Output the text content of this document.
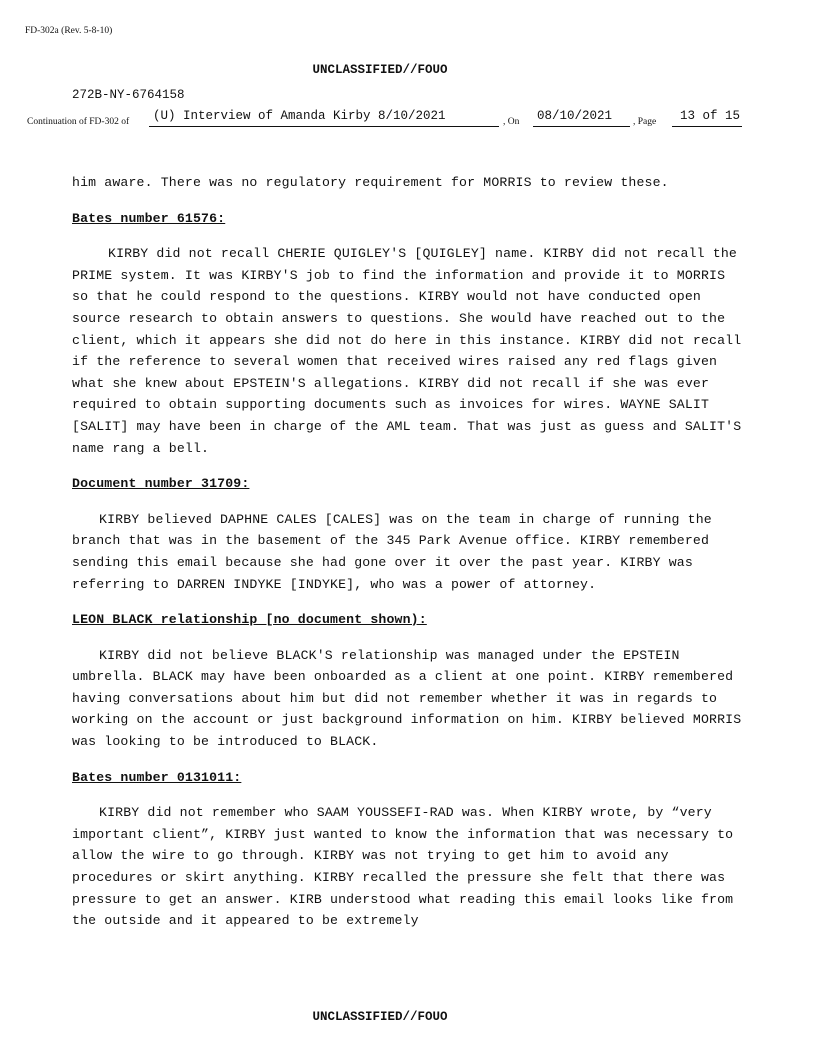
FD-302a (Rev. 5-8-10)
UNCLASSIFIED//FOUO
272B-NY-6764158
Continuation of FD-302 of	(U) Interview of Amanda Kirby 8/10/2021	, On	08/10/2021	, Page	13 of 15

him aware. There was no regulatory requirement for MORRIS to review these.

Bates number 61576:

KIRBY did not recall CHERIE QUIGLEY'S [QUIGLEY] name. KIRBY did not recall the PRIME system. It was KIRBY'S job to find the information and provide it to MORRIS so that he could respond to the questions. KIRBY would not have conducted open source research to obtain answers to questions. She would have reached out to the client, which it appears she did not do here in this instance. KIRBY did not recall if the reference to several women that received wires raised any red flags given what she knew about EPSTEIN'S allegations. KIRBY did not recall if she was ever required to obtain supporting documents such as invoices for wires. WAYNE SALIT [SALIT] may have been in charge of the AML team. That was just as guess and SALIT'S name rang a bell.

Document number 31709:

KIRBY believed DAPHNE CALES [CALES] was on the team in charge of running the branch that was in the basement of the 345 Park Avenue office. KIRBY remembered sending this email because she had gone over it over the past year. KIRBY was referring to DARREN INDYKE [INDYKE], who was a power of attorney.

LEON BLACK relationship [no document shown):

KIRBY did not believe BLACK'S relationship was managed under the EPSTEIN umbrella. BLACK may have been onboarded as a client at one point. KIRBY remembered having conversations about him but did not remember whether it was in regards to working on the account or just background information on him. KIRBY believed MORRIS was looking to be introduced to BLACK.

Bates number 0131011:

KIRBY did not remember who SAAM YOUSSEFI-RAD was. When KIRBY wrote, by “very important client”, KIRBY just wanted to know the information that was necessary to allow the wire to go through. KIRBY was not trying to get him to avoid any procedures or skirt anything. KIRBY recalled the pressure she felt that there was pressure to get an answer. KIRB understood what reading this email looks like from the outside and it appeared to be extremely

UNCLASSIFIED//FOUO
